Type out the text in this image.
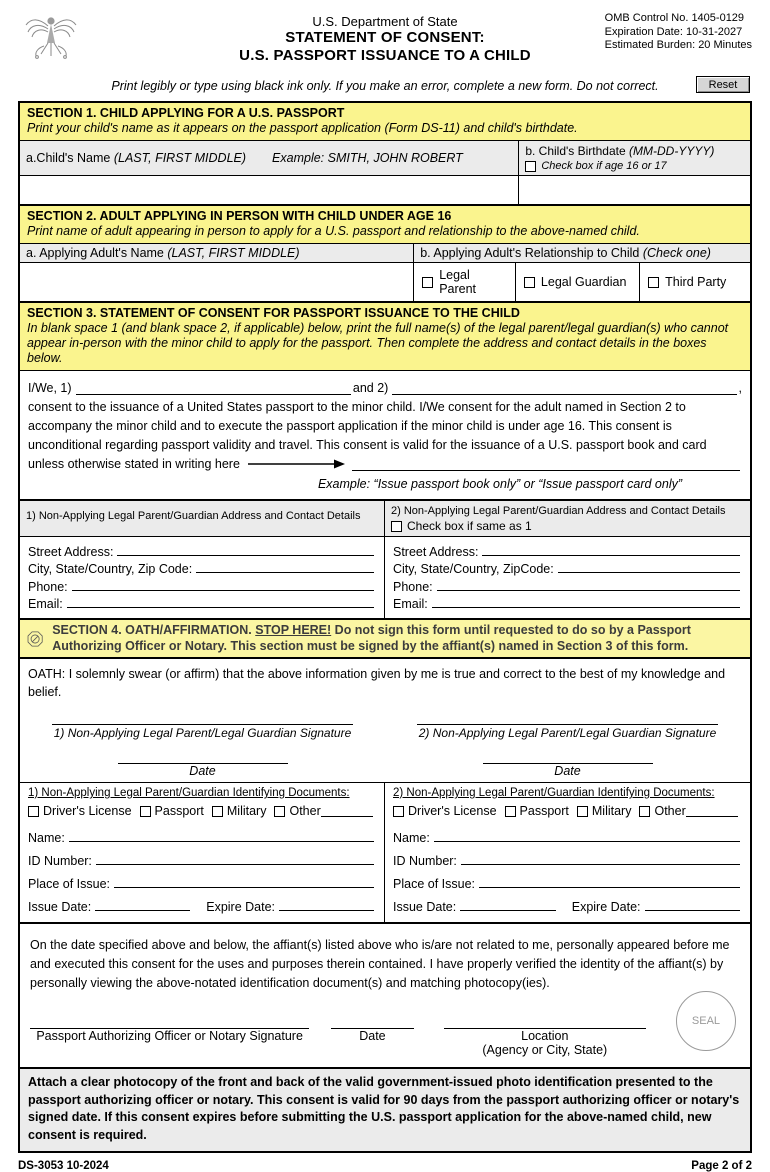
U.S. Department of State
STATEMENT OF CONSENT:
U.S. PASSPORT ISSUANCE TO A CHILD
OMB Control No. 1405-0129
Expiration Date: 10-31-2027
Estimated Burden: 20 Minutes
Print legibly or type using black ink only. If you make an error, complete a new form. Do not correct.	Reset
SECTION 1. CHILD APPLYING FOR A U.S. PASSPORT
Print your child's name as it appears on the passport application (Form DS-11) and child's birthdate.
a.Child's Name (LAST, FIRST MIDDLE) Example: SMITH, JOHN ROBERT	b. Child's Birthdate (MM-DD-YYYY)
Check box if age 16 or 17
SECTION 2. ADULT APPLYING IN PERSON WITH CHILD UNDER AGE 16
Print name of adult appearing in person to apply for a U.S. passport and relationship to the above-named child.
a. Applying Adult's Name (LAST, FIRST MIDDLE)	b. Applying Adult's Relationship to Child (Check one)
Legal Parent	Legal Guardian	Third Party
SECTION 3. STATEMENT OF CONSENT FOR PASSPORT ISSUANCE TO THE CHILD
In blank space 1 (and blank space 2, if applicable) below, print the full name(s) of the legal parent/legal guardian(s) who cannot appear in-person with the minor child to apply for the passport. Then complete the address and contact details in the boxes below.
I/We, 1)	and 2)	,
consent to the issuance of a United States passport to the minor child. I/We consent for the adult named in Section 2 to accompany the minor child and to execute the passport application if the minor child is under age 16. This consent is unconditional regarding passport validity and travel. This consent is valid for the issuance of a U.S. passport book and card
unless otherwise stated in writing here
Example: “Issue passport book only” or “Issue passport card only”
1) Non-Applying Legal Parent/Guardian Address and Contact Details	2) Non-Applying Legal Parent/Guardian Address and Contact Details
Check box if same as 1
Street Address:
City, State/Country, Zip Code:
Phone:
Email:
Street Address:
City, State/Country, ZipCode:
Phone:
Email:
SECTION 4. OATH/AFFIRMATION. STOP HERE! Do not sign this form until requested to do so by a Passport Authorizing Officer or Notary. This section must be signed by the affiant(s) named in Section 3 of this form.
OATH: I solemnly swear (or affirm) that the above information given by me is true and correct to the best of my knowledge and belief.
1) Non-Applying Legal Parent/Legal Guardian Signature
Date
2) Non-Applying Legal Parent/Legal Guardian Signature
Date
1) Non-Applying Legal Parent/Guardian Identifying Documents:
Driver's License Passport Military Other
Name:
ID Number:
Place of Issue:
Issue Date:	Expire Date:
2) Non-Applying Legal Parent/Guardian Identifying Documents:
Driver's License Passport Military Other
Name:
ID Number:
Place of Issue:
Issue Date:	Expire Date:
On the date specified above and below, the affiant(s) listed above who is/are not related to me, personally appeared before me and executed this consent for the uses and purposes therein contained. I have properly verified the identity of the affiant(s) by personally viewing the above-notated identification document(s) and matching photocopy(ies).
Passport Authorizing Officer or Notary Signature	Date	Location
(Agency or City, State)
SEAL
Attach a clear photocopy of the front and back of the valid government-issued photo identification presented to the passport authorizing officer or notary. This consent is valid for 90 days from the passport authorizing officer or notary's signed date. If this consent expires before submitting the U.S. passport application for the above-named child, new consent is required.
DS-3053 10-2024	Page 2 of 2
